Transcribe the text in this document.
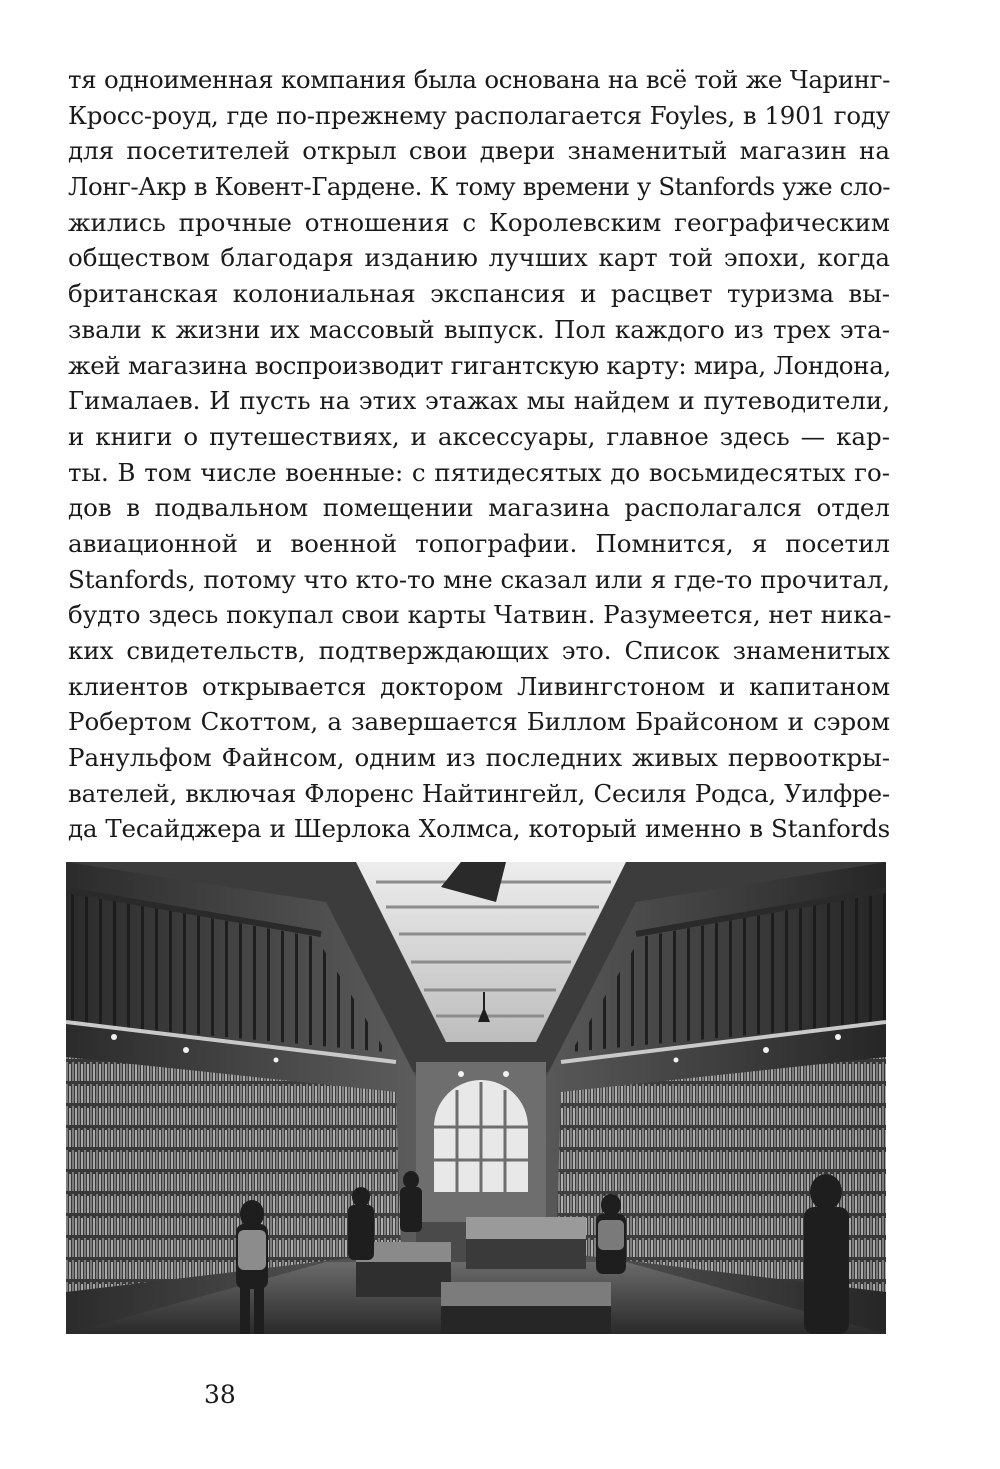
тя одноименная компания была основана на всё той же Чаринг-
Кросс-роуд, где по-прежнему располагается Foyles, в 1901 году
для посетителей открыл свои двери знаменитый магазин на
Лонг-Акр в Ковент-Гардене. К тому времени у Stanfords уже сло-
жились прочные отношения с Королевским географическим
обществом благодаря изданию лучших карт той эпохи, когда
британская колониальная экспансия и расцвет туризма вы-
звали к жизни их массовый выпуск. Пол каждого из трех эта-
жей магазина воспроизводит гигантскую карту: мира, Лондона,
Гималаев. И пусть на этих этажах мы найдем и путеводители,
и книги о путешествиях, и аксессуары, главное здесь — кар-
ты. В том числе военные: с пятидесятых до восьмидесятых го-
дов в подвальном помещении магазина располагался отдел
авиационной и военной топографии. Помнится, я посетил
Stanfords, потому что кто-то мне сказал или я где-то прочитал,
будто здесь покупал свои карты Чатвин. Разумеется, нет ника-
ких свидетельств, подтверждающих это. Список знаменитых
клиентов открывается доктором Ливингстоном и капитаном
Робертом Скоттом, а завершается Биллом Брайсоном и сэром
Ранульфом Файнсом, одним из последних живых первооткры-
вателей, включая Флоренс Найтингейл, Сесиля Родса, Уилфре-
да Тесайджера и Шерлока Холмса, который именно в Stanfords
38
